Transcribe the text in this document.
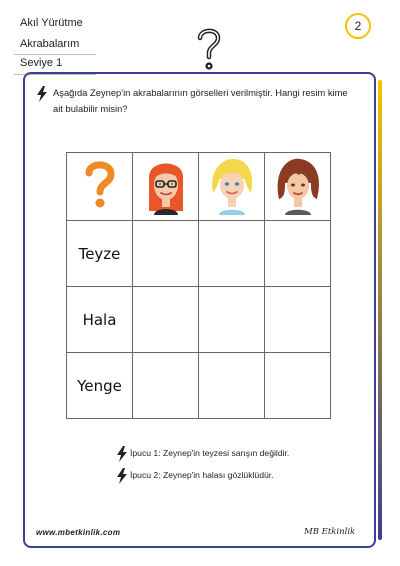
Akıl Yürütme
Akrabalarım
Seviye 1
2
Aşağıda Zeynep'in akrabalarının görselleri verilmiştir. Hangi resim kime ait bulabilir misin?

Teyze			
Hala			
Yenge			
İpucu 1: Zeynep'in teyzesi sarışın değildir.
İpucu 2: Zeynep'in halası gözlüklüdür.
www.mbetkinlik.com	MB Etkinlik
